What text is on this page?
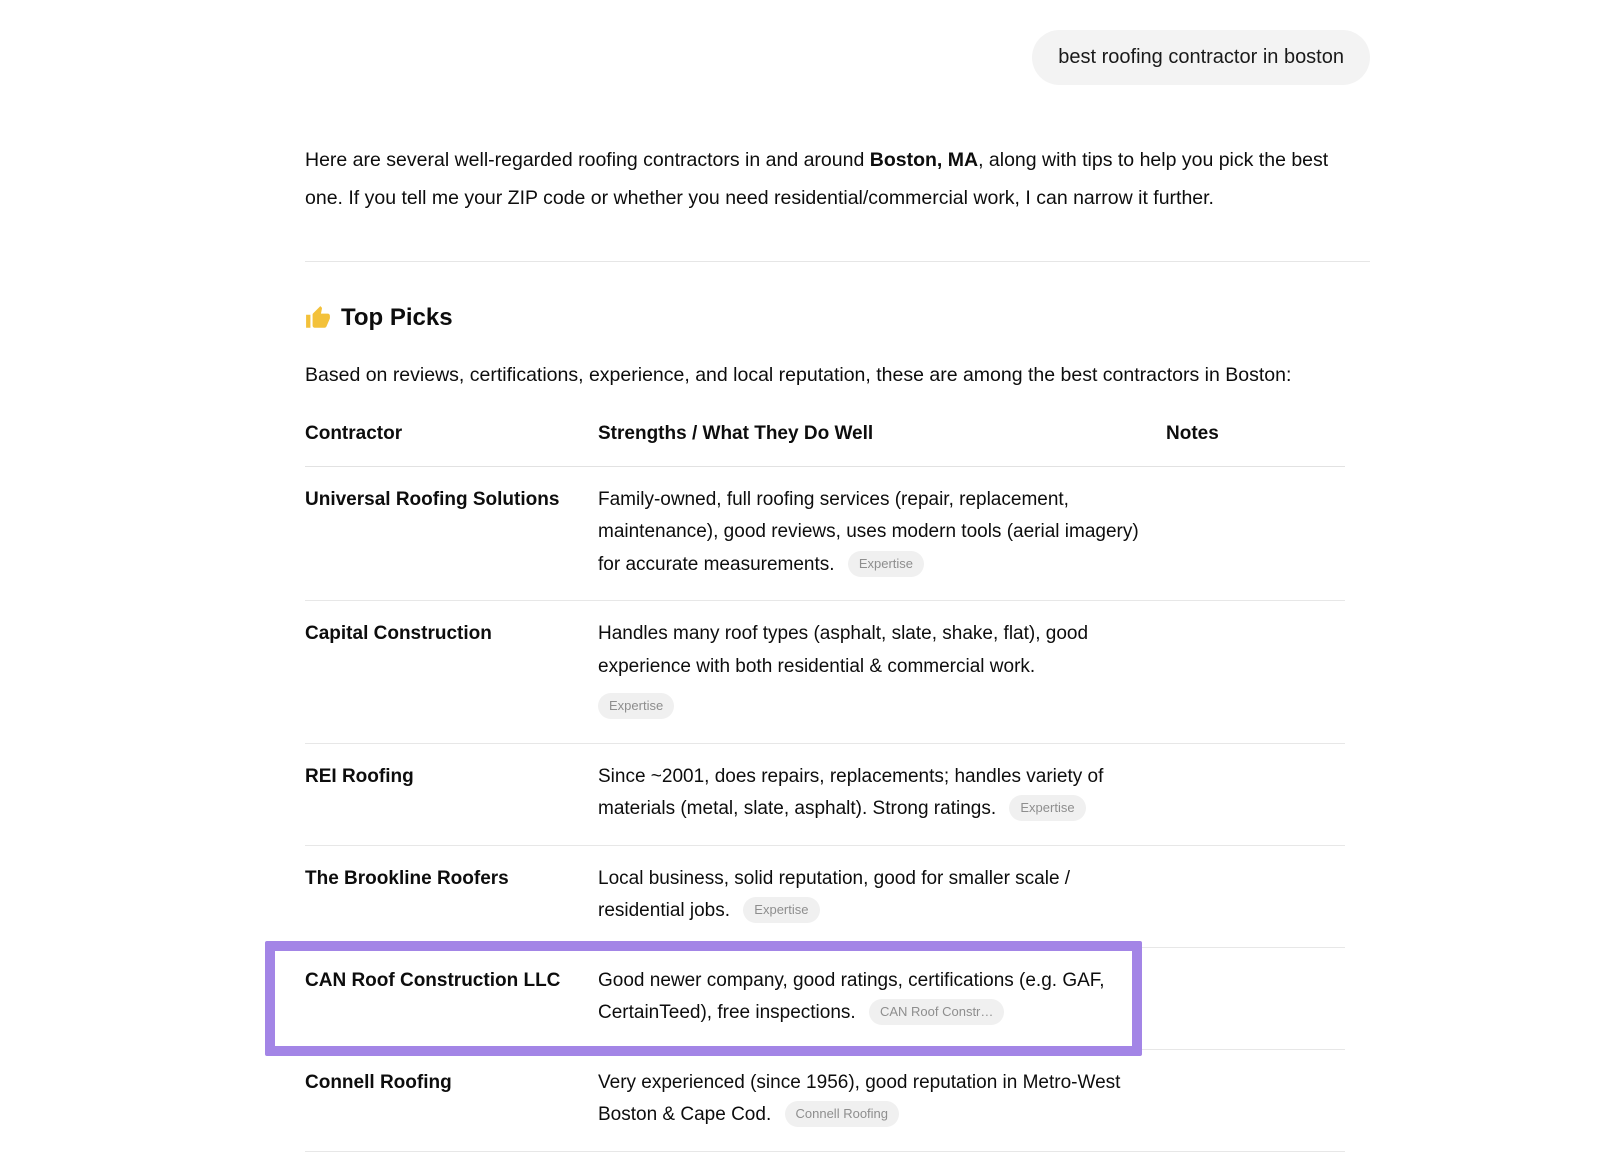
best roofing contractor in boston

Here are several well-regarded roofing contractors in and around Boston, MA, along with tips to help you pick the best one. If you tell me your ZIP code or whether you need residential/commercial work, I can narrow it further.

Top Picks

Based on reviews, certifications, experience, and local reputation, these are among the best contractors in Boston:

Contractor	Strengths / What They Do Well	Notes
Universal Roofing Solutions	Family-owned, full roofing services (repair, replacement, maintenance), good reviews, uses modern tools (aerial imagery) for accurate measurements. Expertise
Capital Construction	Handles many roof types (asphalt, slate, shake, flat), good experience with both residential & commercial work. Expertise
REI Roofing	Since ~2001, does repairs, replacements; handles variety of materials (metal, slate, asphalt). Strong ratings. Expertise
The Brookline Roofers	Local business, solid reputation, good for smaller scale / residential jobs. Expertise
CAN Roof Construction LLC	Good newer company, good ratings, certifications (e.g. GAF, CertainTeed), free inspections. CAN Roof Constr…
Connell Roofing	Very experienced (since 1956), good reputation in Metro-West Boston & Cape Cod. Connell Roofing
